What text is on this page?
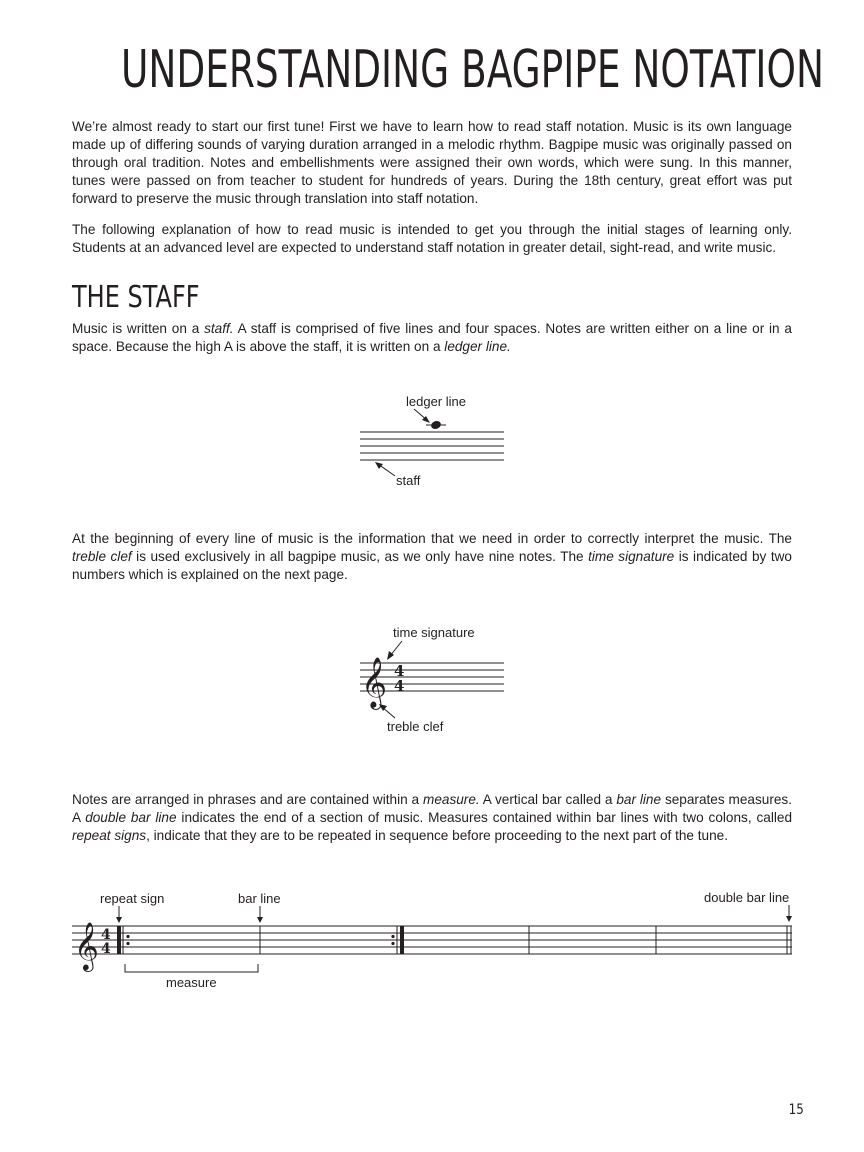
UNDERSTANDING BAGPIPE NOTATION

We’re almost ready to start our first tune! First we have to learn how to read staff notation. Music is its own language made up of differing sounds of varying duration arranged in a melodic rhythm. Bagpipe music was originally passed on through oral tradition. Notes and embellishments were assigned their own words, which were sung. In this manner, tunes were passed on from teacher to student for hundreds of years. During the 18th century, great effort was put forward to preserve the music through translation into staff notation.

The following explanation of how to read music is intended to get you through the initial stages of learning only. Students at an advanced level are expected to understand staff notation in greater detail, sight-read, and write music.

THE STAFF

Music is written on a staff. A staff is comprised of five lines and four spaces. Notes are written either on a line or in a space. Because the high A is above the staff, it is written on a ledger line.

ledger line
staff

At the beginning of every line of music is the information that we need in order to correctly interpret the music. The treble clef is used exclusively in all bagpipe music, as we only have nine notes. The time signature is indicated by two numbers which is explained on the next page.

𝄞 4
4
time signature
treble clef

Notes are arranged in phrases and are contained within a measure. A vertical bar called a bar line separates measures. A double bar line indicates the end of a section of music. Measures contained within bar lines with two colons, called repeat signs, indicate that they are to be repeated in sequence before proceeding to the next part of the tune.

𝄞 4
4
repeat sign	bar line	double bar line
measure
15
